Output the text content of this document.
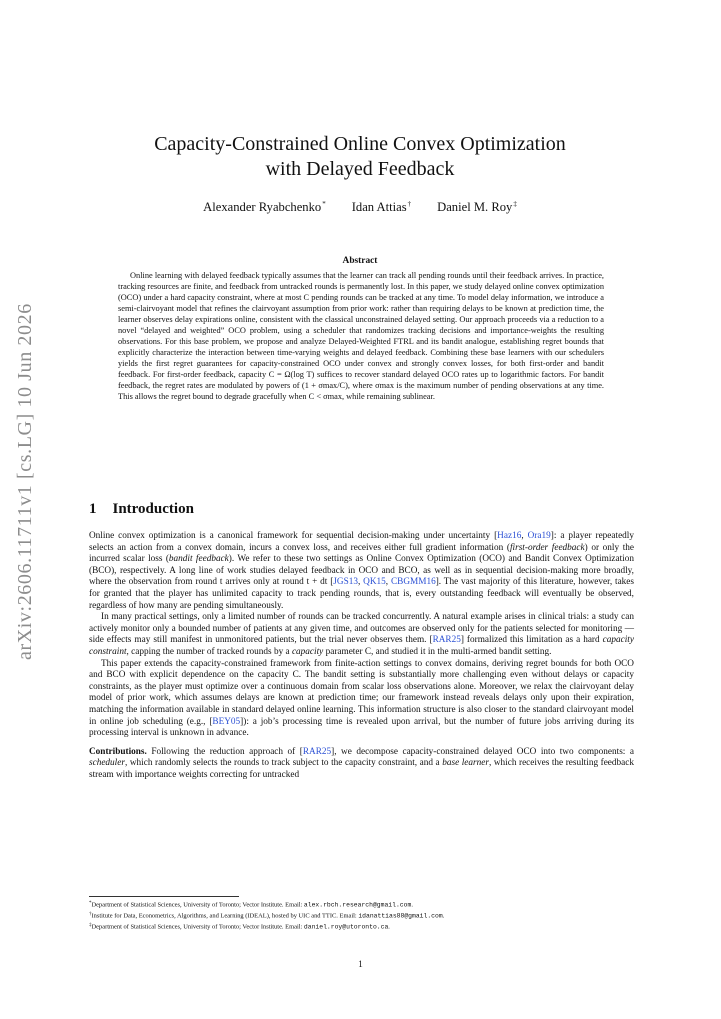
arXiv:2606.11711v1 [cs.LG] 10 Jun 2026
Capacity-Constrained Online Convex Optimization
with Delayed Feedback
Alexander Ryabchenko* Idan Attias† Daniel M. Roy‡
Abstract

Online learning with delayed feedback typically assumes that the learner can track all pending rounds until their feedback arrives. In practice, tracking resources are finite, and feedback from untracked rounds is permanently lost. In this paper, we study delayed online convex optimization (OCO) under a hard capacity constraint, where at most C pending rounds can be tracked at any time. To model delay information, we introduce a semi-clairvoyant model that refines the clairvoyant assumption from prior work: rather than requiring delays to be known at prediction time, the learner observes delay expirations online, consistent with the classical unconstrained delayed setting. Our approach proceeds via a reduction to a novel “delayed and weighted” OCO problem, using a scheduler that randomizes tracking decisions and importance-weights the resulting observations. For this base problem, we propose and analyze Delayed-Weighted FTRL and its bandit analogue, establishing regret bounds that explicitly characterize the interaction between time-varying weights and delayed feedback. Combining these base learners with our schedulers yields the first regret guarantees for capacity-constrained OCO under convex and strongly convex losses, for both first-order and bandit feedback. For first-order feedback, capacity C = Ω(log T) suffices to recover standard delayed OCO rates up to logarithmic factors. For bandit feedback, the regret rates are modulated by powers of (1 + σmax/C), where σmax is the maximum number of pending observations at any time. This allows the regret bound to degrade gracefully when C < σmax, while remaining sublinear.

1 Introduction

Online convex optimization is a canonical framework for sequential decision-making under uncertainty [Haz16, Ora19]: a player repeatedly selects an action from a convex domain, incurs a convex loss, and receives either full gradient information (first-order feedback) or only the incurred scalar loss (bandit feedback). We refer to these two settings as Online Convex Optimization (OCO) and Bandit Convex Optimization (BCO), respectively. A long line of work studies delayed feedback in OCO and BCO, as well as in sequential decision-making more broadly, where the observation from round t arrives only at round t + dt [JGS13, QK15, CBGMM16]. The vast majority of this literature, however, takes for granted that the player has unlimited capacity to track pending rounds, that is, every outstanding feedback will eventually be observed, regardless of how many are pending simultaneously.

In many practical settings, only a limited number of rounds can be tracked concurrently. A natural example arises in clinical trials: a study can actively monitor only a bounded number of patients at any given time, and outcomes are observed only for the patients selected for monitoring — side effects may still manifest in unmonitored patients, but the trial never observes them. [RAR25] formalized this limitation as a hard capacity constraint, capping the number of tracked rounds by a capacity parameter C, and studied it in the multi-armed bandit setting.

This paper extends the capacity-constrained framework from finite-action settings to convex domains, deriving regret bounds for both OCO and BCO with explicit dependence on the capacity C. The bandit setting is substantially more challenging even without delays or capacity constraints, as the player must optimize over a continuous domain from scalar loss observations alone. Moreover, we relax the clairvoyant delay model of prior work, which assumes delays are known at prediction time; our framework instead reveals delays only upon their expiration, matching the information available in standard delayed online learning. This information structure is also closer to the standard clairvoyant model in online job scheduling (e.g., [BEY05]): a job’s processing time is revealed upon arrival, but the number of future jobs arriving during its processing interval is unknown in advance.

Contributions. Following the reduction approach of [RAR25], we decompose capacity-constrained delayed OCO into two components: a scheduler, which randomly selects the rounds to track subject to the capacity constraint, and a base learner, which receives the resulting feedback stream with importance weights correcting for untracked

*Department of Statistical Sciences, University of Toronto; Vector Institute. Email: alex.rbch.research@gmail.com.
†Institute for Data, Econometrics, Algorithms, and Learning (IDEAL), hosted by UIC and TTIC. Email: idanattias88@gmail.com.
‡Department of Statistical Sciences, University of Toronto; Vector Institute. Email: daniel.roy@utoronto.ca.
1
